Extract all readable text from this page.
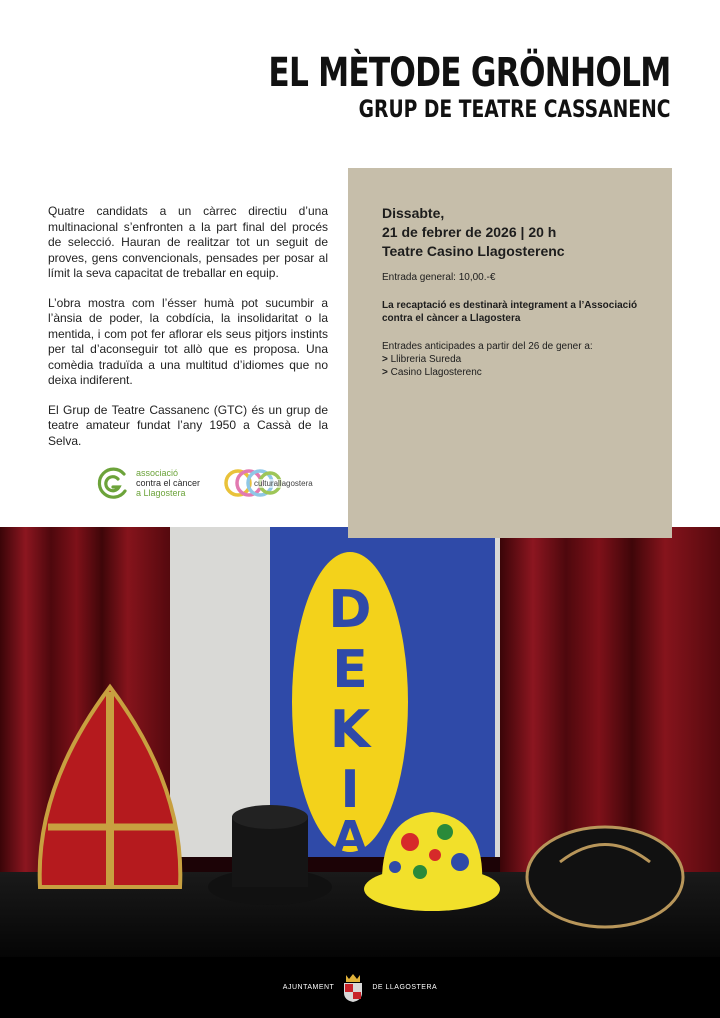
EL MÈTODE GRÖNHOLM
GRUP DE TEATRE CASSANENC

Quatre candidats a un càrrec directiu d’una multinacional s’enfronten a la part final del procés de selecció. Hauran de realitzar tot un seguit de proves, gens convencionals, pensades per posar al límit la seva capacitat de treballar en equip.

L’obra mostra com l’ésser humà pot sucumbir a l’ànsia de poder, la cobdícia, la insolidaritat o la mentida, i com pot fer aflorar els seus pitjors instints per tal d’aconseguir tot allò que es proposa. Una comèdia traduïda a una multitud d’idiomes que no deixa indiferent.

El Grup de Teatre Cassanenc (GTC) és un grup de teatre amateur fundat l’any 1950 a Cassà de la Selva.

Dissabte,
21 de febrer de 2026 | 20 h
Teatre Casino Llagosterenc
Entrada general: 10,00.-€
La recaptació es destinarà integrament a l’Associació contra el càncer a Llagostera
Entrades anticipades a partir del 26 de gener a:
> Llibreria Sureda
> Casino Llagosterenc
associació
contra el càncer
a Llagostera
culturallagostera
D
E
K
I
A
AJUNTAMENT	DE LLAGOSTERA
